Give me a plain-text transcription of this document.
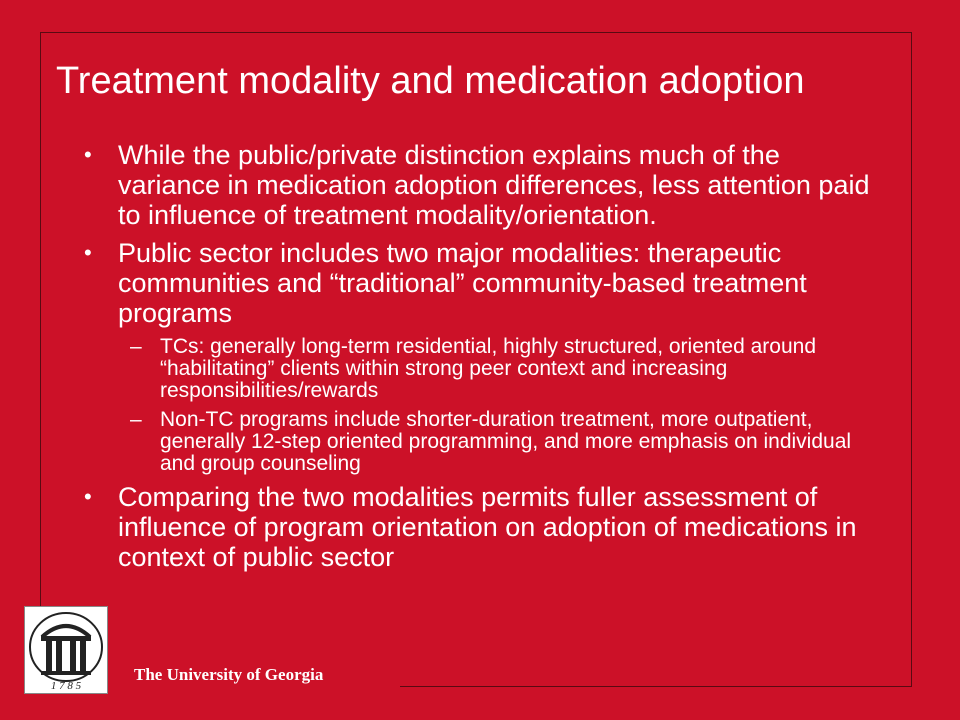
Treatment modality and medication adoption
• While the public/private distinction explains much of the variance in medication adoption differences, less attention paid to influence of treatment modality/orientation.
• Public sector includes two major modalities: therapeutic communities and “traditional” community-based treatment programs
– TCs: generally long-term residential, highly structured, oriented around “habilitating” clients within strong peer context and increasing responsibilities/rewards
– Non-TC programs include shorter-duration treatment, more outpatient, generally 12-step oriented programming, and more emphasis on individual and group counseling
• Comparing the two modalities permits fuller assessment of influence of program orientation on adoption of medications in context of public sector
1 7 8 5
The University of Georgia
